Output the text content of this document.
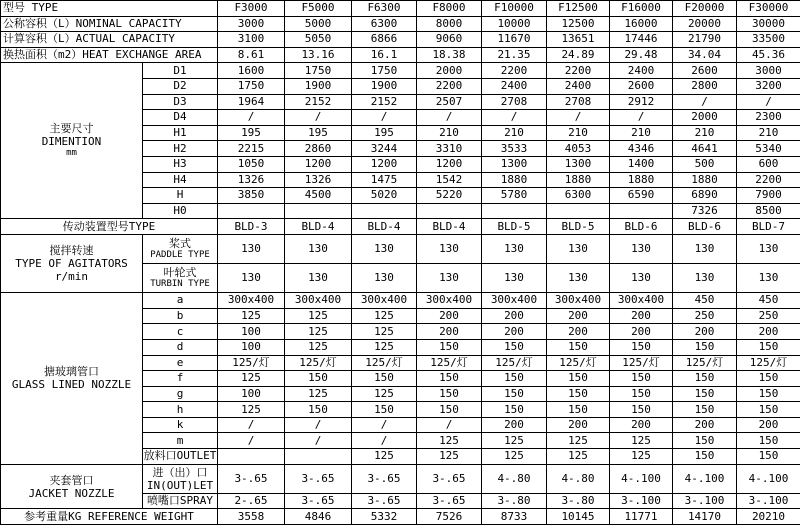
型号 TYPE		F3000	F5000	F6300	F8000	F10000	F12500	F16000	F20000	F30000
公称容积（L）NOMINAL CAPACITY		3000	5000	6300	8000	10000	12500	16000	20000	30000
计算容积（L）ACTUAL CAPACITY		3100	5050	6866	9060	11670	13651	17446	21790	33500
换热面积（m2）HEAT EXCHANGE AREA		8.61	13.16	16.1	18.38	21.35	24.89	29.48	34.04	45.36

主要尺寸
DIMENTION
mm	D1	1600	1750	1750	2000	2200	2200	2400	2600	3000
	D2	1750	1900	1900	2200	2400	2400	2600	2800	3200
	D3	1964	2152	2152	2507	2708	2708	2912	/	/
	D4	/	/	/	/	/	/	/	2000	2300
	H1	195	195	195	210	210	210	210	210	210
	H2	2215	2860	3244	3310	3533	4053	4346	4641	5340
	H3	1050	1200	1200	1200	1300	1300	1400	500	600
	H4	1326	1326	1475	1542	1880	1880	1880	1880	2200
	H	3850	4500	5020	5220	5780	6300	6590	6890	7900
	H0								7326	8500
传动装置型号TYPE		BLD-3	BLD-4	BLD-4	BLD-4	BLD-5	BLD-5	BLD-6	BLD-6	BLD-7

搅拌转速
TYPE OF AGITATORS
r/min	桨式
PADDLE TYPE	130	130	130	130	130	130	130	130	130

	叶轮式
TURBIN TYPE	130	130	130	130	130	130	130	130	130

搪玻璃管口
GLASS LINED NOZZLE	a	300x400	300x400	300x400	300x400	300x400	300x400	300x400	450	450
	b	125	125	125	200	200	200	200	250	250
	c	100	125	125	200	200	200	200	200	200
	d	100	125	125	150	150	150	150	150	150
	e	125/灯	125/灯	125/灯	125/灯	125/灯	125/灯	125/灯	125/灯	125/灯
	f	125	150	150	150	150	150	150	150	150
	g	100	125	125	150	150	150	150	150	150
	h	125	150	150	150	150	150	150	150	150
	k	/	/	/	/	200	200	200	200	200
	m	/	/	/	125	125	125	125	150	150
	放料口OUTLET			125	125	125	125	125	150	150

夹套管口
JACKET NOZZLE	进（出）口
IN(OUT)LET	3-.65	3-.65	3-.65	3-.65	4-.80	4-.80	4-.100	4-.100	4-.100
	喷嘴口SPRAY	2-.65	3-.65	3-.65	3-.65	3-.80	3-.80	3-.100	3-.100	3-.100
参考重量KG REFERENCE WEIGHT		3558	4846	5332	7526	8733	10145	11771	14170	20210
